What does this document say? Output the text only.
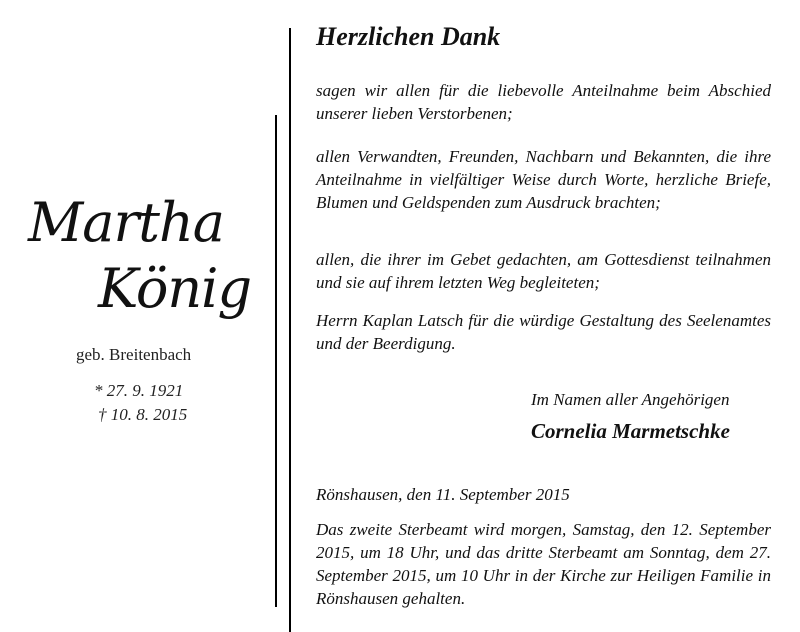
Martha
König
geb. Breitenbach
* 27. 9. 1921
† 10. 8. 2015
Herzlichen Dank

sagen wir allen für die liebevolle Anteilnahme beim Abschied unserer lieben Verstorbenen;

allen Verwandten, Freunden, Nachbarn und Bekannten, die ihre Anteilnahme in vielfältiger Weise durch Worte, herzliche Briefe, Blumen und Geldspenden zum Ausdruck brachten;

allen, die ihrer im Gebet gedachten, am Gottesdienst teilnahmen und sie auf ihrem letzten Weg begleiteten;

Herrn Kaplan Latsch für die würdige Gestaltung des Seelenamtes und der Beerdigung.

Im Namen aller Angehörigen
Cornelia Marmetschke

Rönshausen, den 11. September 2015

Das zweite Sterbeamt wird morgen, Samstag, den 12. September 2015, um 18 Uhr, und das dritte Sterbeamt am Sonntag, dem 27. September 2015, um 10 Uhr in der Kirche zur Heiligen Familie in Rönshausen gehalten.
